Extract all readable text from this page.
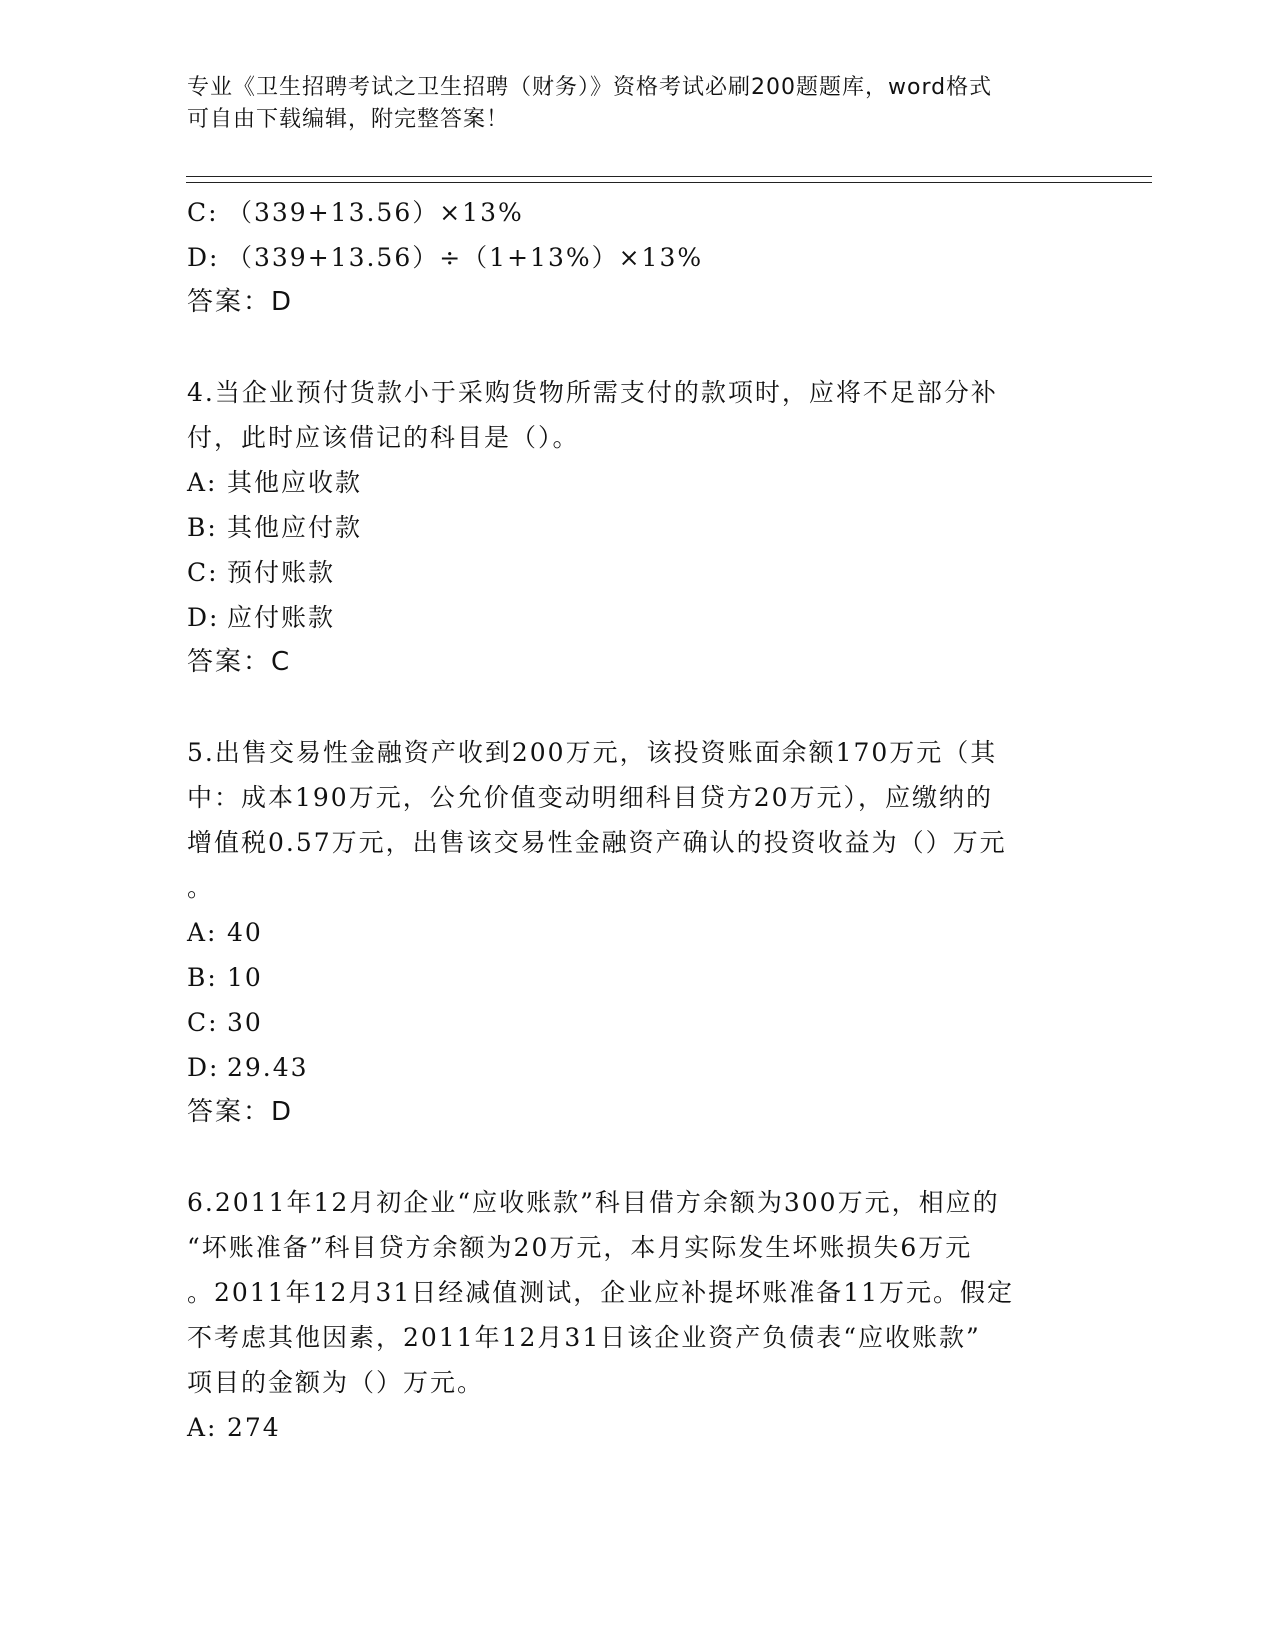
专业《卫生招聘考试之卫生招聘（财务）》资格考试必刷200题题库，word格式
可自由下载编辑，附完整答案！
C: （339+13.56）×13%
D: （339+13.56）÷（1+13%）×13%
答案：D
4.当企业预付货款小于采购货物所需支付的款项时，应将不足部分补
付，此时应该借记的科目是（）。
A: 其他应收款
B: 其他应付款
C: 预付账款
D: 应付账款
答案：C
5.出售交易性金融资产收到200万元，该投资账面余额170万元（其
中：成本190万元，公允价值变动明细科目贷方20万元），应缴纳的
增值税0.57万元，出售该交易性金融资产确认的投资收益为（）万元
。
A: 40
B: 10
C: 30
D: 29.43
答案：D
6.2011年12月初企业“应收账款”科目借方余额为300万元，相应的
“坏账准备”科目贷方余额为20万元，本月实际发生坏账损失6万元
。2011年12月31日经减值测试，企业应补提坏账准备11万元。假定
不考虑其他因素，2011年12月31日该企业资产负债表“应收账款”
项目的金额为（）万元。
A: 274
